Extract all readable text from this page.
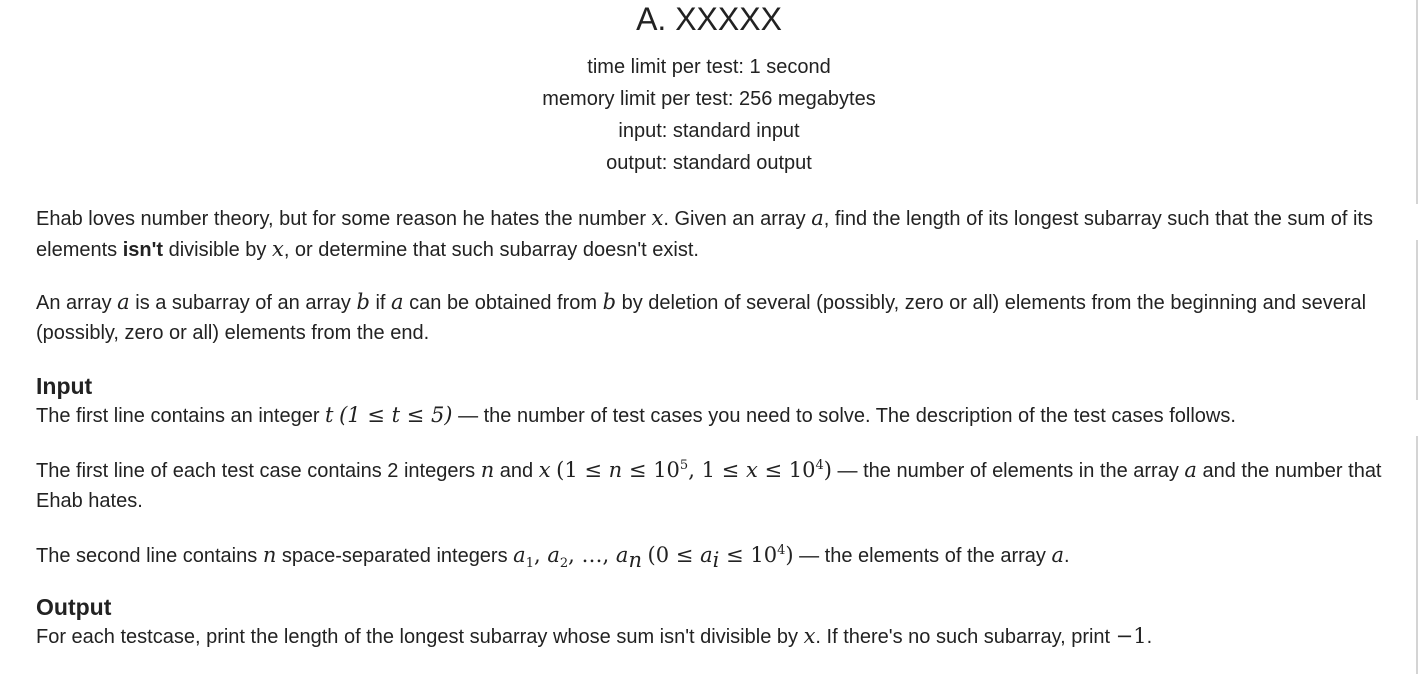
A. XXXXX
time limit per test: 1 second
memory limit per test: 256 megabytes
input: standard input
output: standard output

Ehab loves number theory, but for some reason he hates the number x. Given an array a, find the length of its longest subarray such that the sum of its elements isn't divisible by x, or determine that such subarray doesn't exist.

An array a is a subarray of an array b if a can be obtained from b by deletion of several (possibly, zero or all) elements from the beginning and several (possibly, zero or all) elements from the end.

Input

The first line contains an integer t (1 ≤ t ≤ 5) — the number of test cases you need to solve. The description of the test cases follows.

The first line of each test case contains 2 integers n and x ($1 \le n \le 10^5$, $1 \le x \le 10^4$) — the number of elements in the array a and the number that Ehab hates.

The second line contains n space-separated integers $a_1$, $a_2$, …, $a_n$ $(0 \le a_i \le 10^4)$ — the elements of the array a.

Output

For each testcase, print the length of the longest subarray whose sum isn't divisible by x. If there's no such subarray, print −1.
